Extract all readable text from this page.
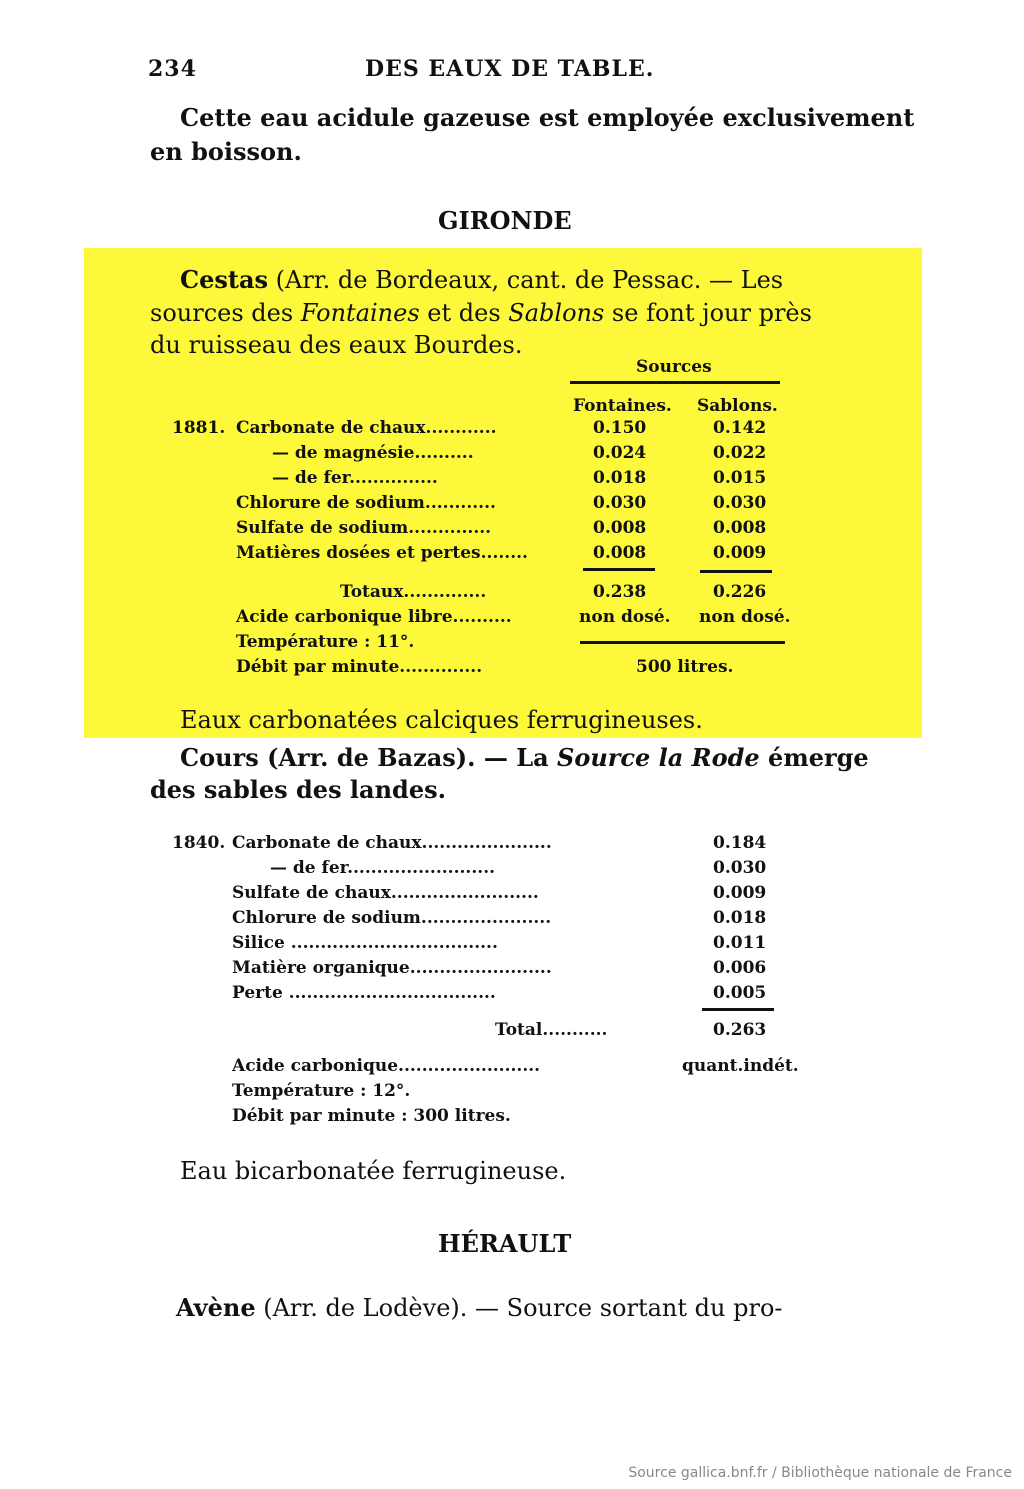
234	DES EAUX DE TABLE.
Cette eau acidule gazeuse est employée exclusivement
en boisson.
GIRONDE
Cestas (Arr. de Bordeaux, cant. de Pessac. — Les
sources des Fontaines et des Sablons se font jour près
du ruisseau des eaux Bourdes.
Sources
Fontaines. Sablons.
1881. Carbonate de chaux............	0.150	0.142
— de magnésie..........	0.024	0.022
— de fer...............	0.018	0.015
Chlorure de sodium............	0.030	0.030
Sulfate de sodium..............	0.008	0.008
Matières dosées et pertes........	0.008	0.009
Totaux..............	0.238	0.226
Acide carbonique libre..........	non dosé. non dosé.
Température : 11°.
Débit par minute..............	500 litres.
Eaux carbonatées calciques ferrugineuses.
Cours (Arr. de Bazas). — La Source la Rode émerge
des sables des landes.
1840. Carbonate de chaux......................	0.184
— de fer.........................	0.030
Sulfate de chaux.........................	0.009
Chlorure de sodium......................	0.018
Silice ...................................	0.011
Matière organique........................	0.006
Perte ...................................	0.005
Total...........	0.263
Acide carbonique........................	quant.indét.
Température : 12°.
Débit par minute : 300 litres.
Eau bicarbonatée ferrugineuse.
HÉRAULT
Avène (Arr. de Lodève). — Source sortant du pro-
Source gallica.bnf.fr / Bibliothèque nationale de France
